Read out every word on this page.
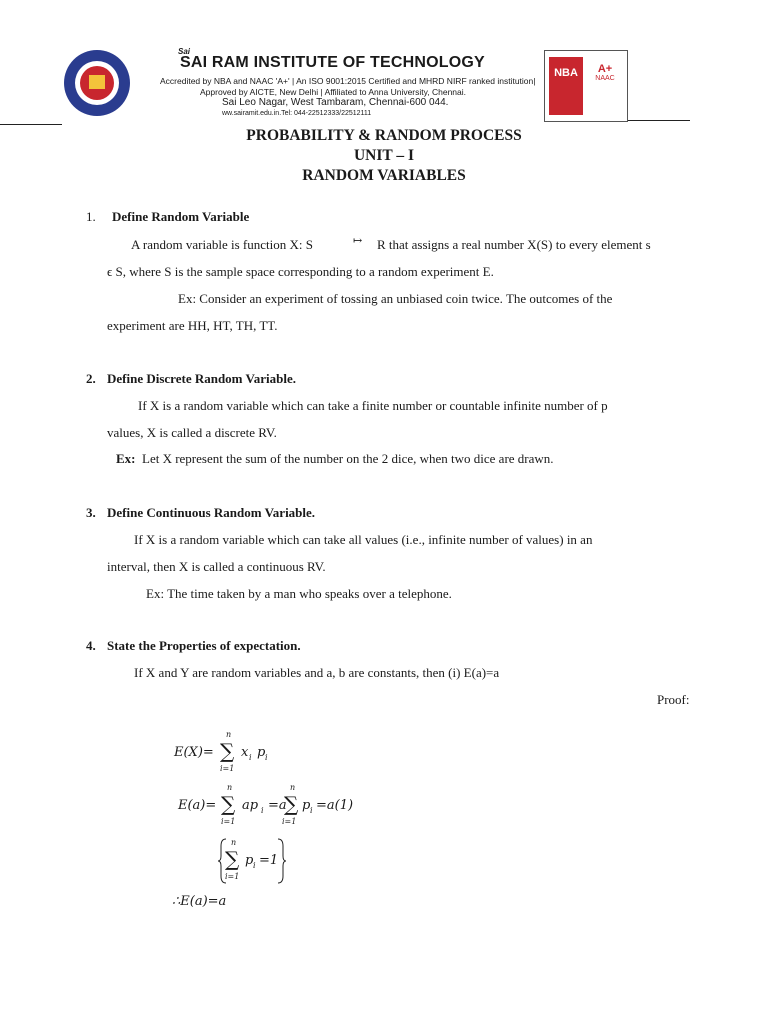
Sai
SAI RAM INSTITUTE OF TECHNOLOGY
Accredited by NBA and NAAC 'A+' | An ISO 9001:2015 Certified and MHRD NIRF ranked institution|
Approved by AICTE, New Delhi | Affiliated to Anna University, Chennai.
Sai Leo Nagar, West Tambaram, Chennai-600 044.
ww.sairamit.edu.in.Tel: 044-22512333/22512111
NBA	A+
NAAC
PROBABILITY & RANDOM PROCESS
UNIT – I
RANDOM VARIABLES
1. Define Random Variable
A random variable is function X: S	↦ R that assigns a real number X(S) to every element s
ϵ S, where S is the sample space corresponding to a random experiment E.
Ex: Consider an experiment of tossing an unbiased coin twice. The outcomes of the
experiment are HH, HT, TH, TT.
2. Define Discrete Random Variable.
If X is a random variable which can take a finite number or countable infinite number of p
values, X is called a discrete RV.
Ex: Let X represent the sum of the number on the 2 dice, when two dice are drawn.
3. Define Continuous Random Variable.
If X is a random variable which can take all values (i.e., infinite number of values) in an
interval, then X is called a continuous RV.
Ex: The time taken by a man who speaks over a telephone.
4. State the Properties of expectation.
If X and Y are random variables and a, b are constants, then (i) E(a)=a
Proof:
E(X)=
n
∑
i=1
x i p i
E(a)=
n
∑
i=1
ap i =a
n
∑
i=1
p i =a(1)
n
∑
i=1
p i =1
∴E(a)=a
